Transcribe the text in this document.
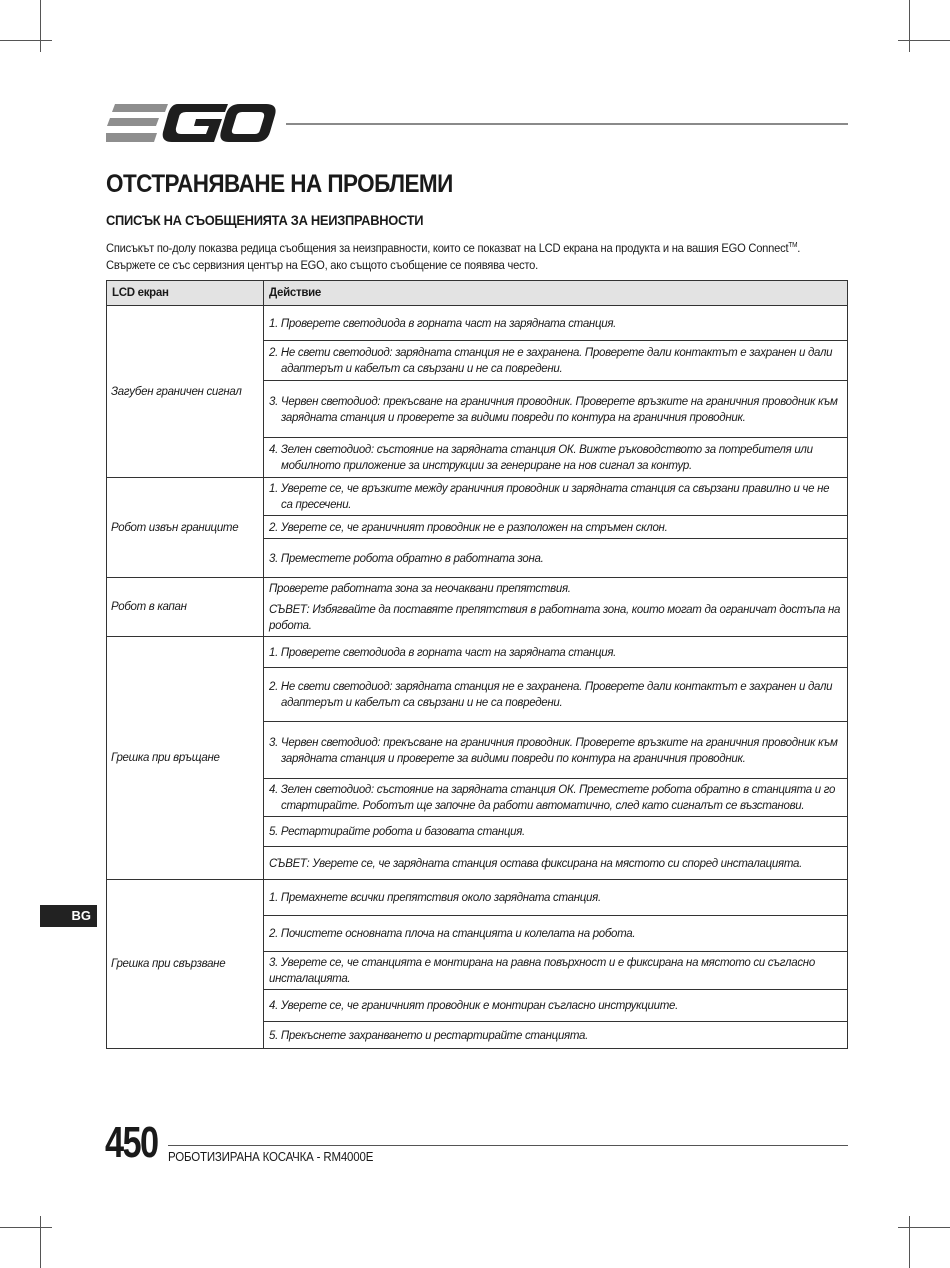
ОТСТРАНЯВАНЕ НА ПРОБЛЕМИ
СПИСЪК НА СЪОБЩЕНИЯТА ЗА НЕИЗПРАВНОСТИ
Списъкът по-долу показва редица съобщения за неизправности, които се показват на LCD екрана на продукта и на вашия EGO Connect™.
Свържете се със сервизния център на EGO, ако същото съобщение се появява често.
LCD екран	Действие
Загубен граничен сигнал	1. Проверете светодиода в горната част на зарядната станция.

	2. Не свети светодиод: зарядната станция не е захранена. Проверете дали контактът е захранен и дали адаптерът и кабелът са свързани и не са повредени.

	3. Червен светодиод: прекъсване на граничния проводник. Проверете връзките на граничния проводник към зарядната станция и проверете за видими повреди по контура на граничния проводник.

	4. Зелен светодиод: състояние на зарядната станция ОК. Вижте ръководството за потребителя или мобилното приложение за инструкции за генериране на нов сигнал за контур.

Робот извън границите	1. Уверете се, че връзките между граничния проводник и зарядната станция са свързани правилно и че не са пресечени.

	2. Уверете се, че граничният проводник не е разположен на стръмен склон.

	3. Преместете робота обратно в работната зона.

Робот в капан	Проверете работната зона за неочаквани препятствия.
СЪВЕТ: Избягвайте да поставяте препятствия в работната зона, които могат да ограничат достъпа на робота.

Грешка при връщане	1. Проверете светодиода в горната част на зарядната станция.

	2. Не свети светодиод: зарядната станция не е захранена. Проверете дали контактът е захранен и дали адаптерът и кабелът са свързани и не са повредени.

	3. Червен светодиод: прекъсване на граничния проводник. Проверете връзките на граничния проводник към зарядната станция и проверете за видими повреди по контура на граничния проводник.

	4. Зелен светодиод: състояние на зарядната станция ОК. Преместете робота обратно в станцията и го стартирайте. Роботът ще започне да работи автоматично, след като сигналът се възстанови.

	5. Рестартирайте робота и базовата станция.

	СЪВЕТ: Уверете се, че зарядната станция остава фиксирана на мястото си според инсталацията.

Грешка при свързване	1. Премахнете всички препятствия около зарядната станция.

	2. Почистете основната плоча на станцията и колелата на робота.

	3. Уверете се, че станцията е монтирана на равна повърхност и е фиксирана на мястото си съгласно инсталацията.

	4. Уверете се, че граничният проводник е монтиран съгласно инструкциите.

	5. Прекъснете захранването и рестартирайте станцията.
BG
450 РОБОТИЗИРАНА КОСАЧКА - RM4000E
